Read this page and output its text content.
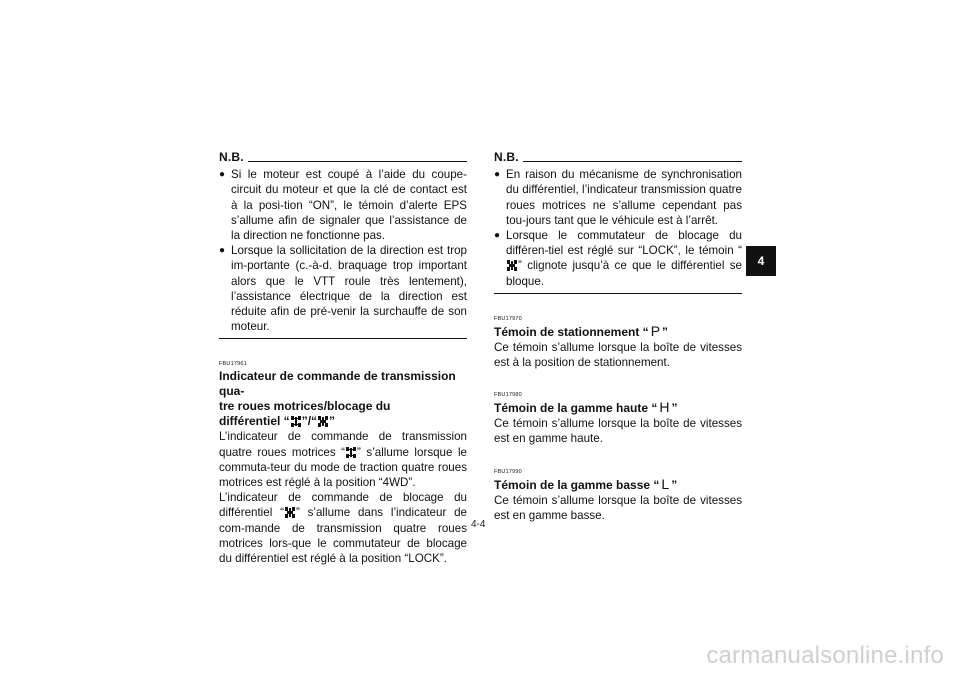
N.B.
● Si le moteur est coupé à l’aide du coupe-circuit du moteur et que la clé de contact est à la posi-tion “ON”, le témoin d’alerte EPS s’allume afin de signaler que l’assistance de la direction ne fonctionne pas.
● Lorsque la sollicitation de la direction est trop im-portante (c.-à-d. braquage trop important alors que le VTT roule très lentement), l’assistance électrique de la direction est réduite afin de pré-venir la surchauffe de son moteur.
FBU17961
Indicateur de commande de transmission qua-
tre roues motrices/blocage du
différentiel “ ”/“ ”
L’indicateur de commande de transmission quatre roues motrices “ ” s’allume lorsque le commuta-teur du mode de traction quatre roues motrices est réglé à la position “4WD”.
L’indicateur de commande de blocage du différentiel “ ” s’allume dans l’indicateur de com-mande de transmission quatre roues motrices lors-que le commutateur de blocage du différentiel est réglé à la position “LOCK”.
N.B.
● En raison du mécanisme de synchronisation du différentiel, l’indicateur transmission quatre roues motrices ne s’allume cependant pas tou-jours tant que le véhicule est à l’arrêt.
● Lorsque le commutateur de blocage du différen-tiel est réglé sur “LOCK”, le témoin “” clignote jusqu’à ce que le différentiel se bloque.
FBU17970
Témoin de stationnement “ P ”
Ce témoin s’allume lorsque la boîte de vitesses est à la position de stationnement.
FBU17980
Témoin de la gamme haute “ H ”
Ce témoin s’allume lorsque la boîte de vitesses est en gamme haute.
FBU17990
Témoin de la gamme basse “ L ”
Ce témoin s’allume lorsque la boîte de vitesses est en gamme basse.
4
4-4
carmanualsonline.info
